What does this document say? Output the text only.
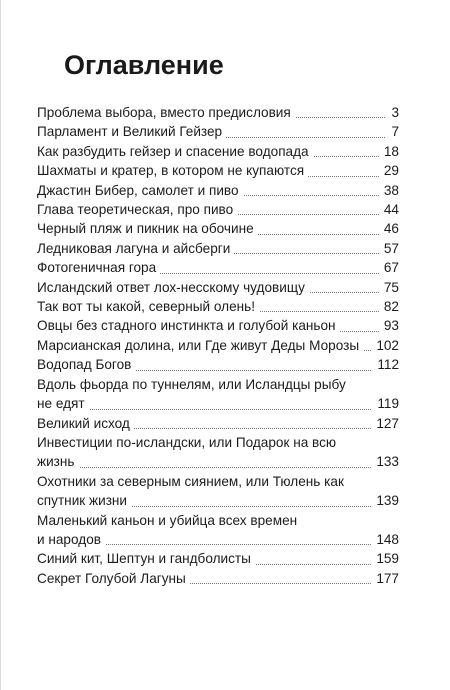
Оглавление
Проблема выбора, вместо предисловия	3
Парламент и Великий Гейзер	7
Как разбудить гейзер и спасение водопада	18
Шахматы и кратер, в котором не купаются	29
Джастин Бибер, самолет и пиво	38
Глава теоретическая, про пиво	44
Черный пляж и пикник на обочине	46
Ледниковая лагуна и айсберги	57
Фотогеничная гора	67
Исландский ответ лох-несскому чудовищу	75
Так вот ты какой, северный олень!	82
Овцы без стадного инстинкта и голубой каньон	93
Марсианская долина, или Где живут Деды Морозы	102
Водопад Богов	112
Вдоль фьорда по туннелям, или Исландцы рыбу
не едят	119
Великий исход	127
Инвестиции по-исландски, или Подарок на всю
жизнь	133
Охотники за северным сиянием, или Тюлень как
спутник жизни	139
Маленький каньон и убийца всех времен
и народов	148
Синий кит, Шептун и гандболисты	159
Секрет Голубой Лагуны	177
